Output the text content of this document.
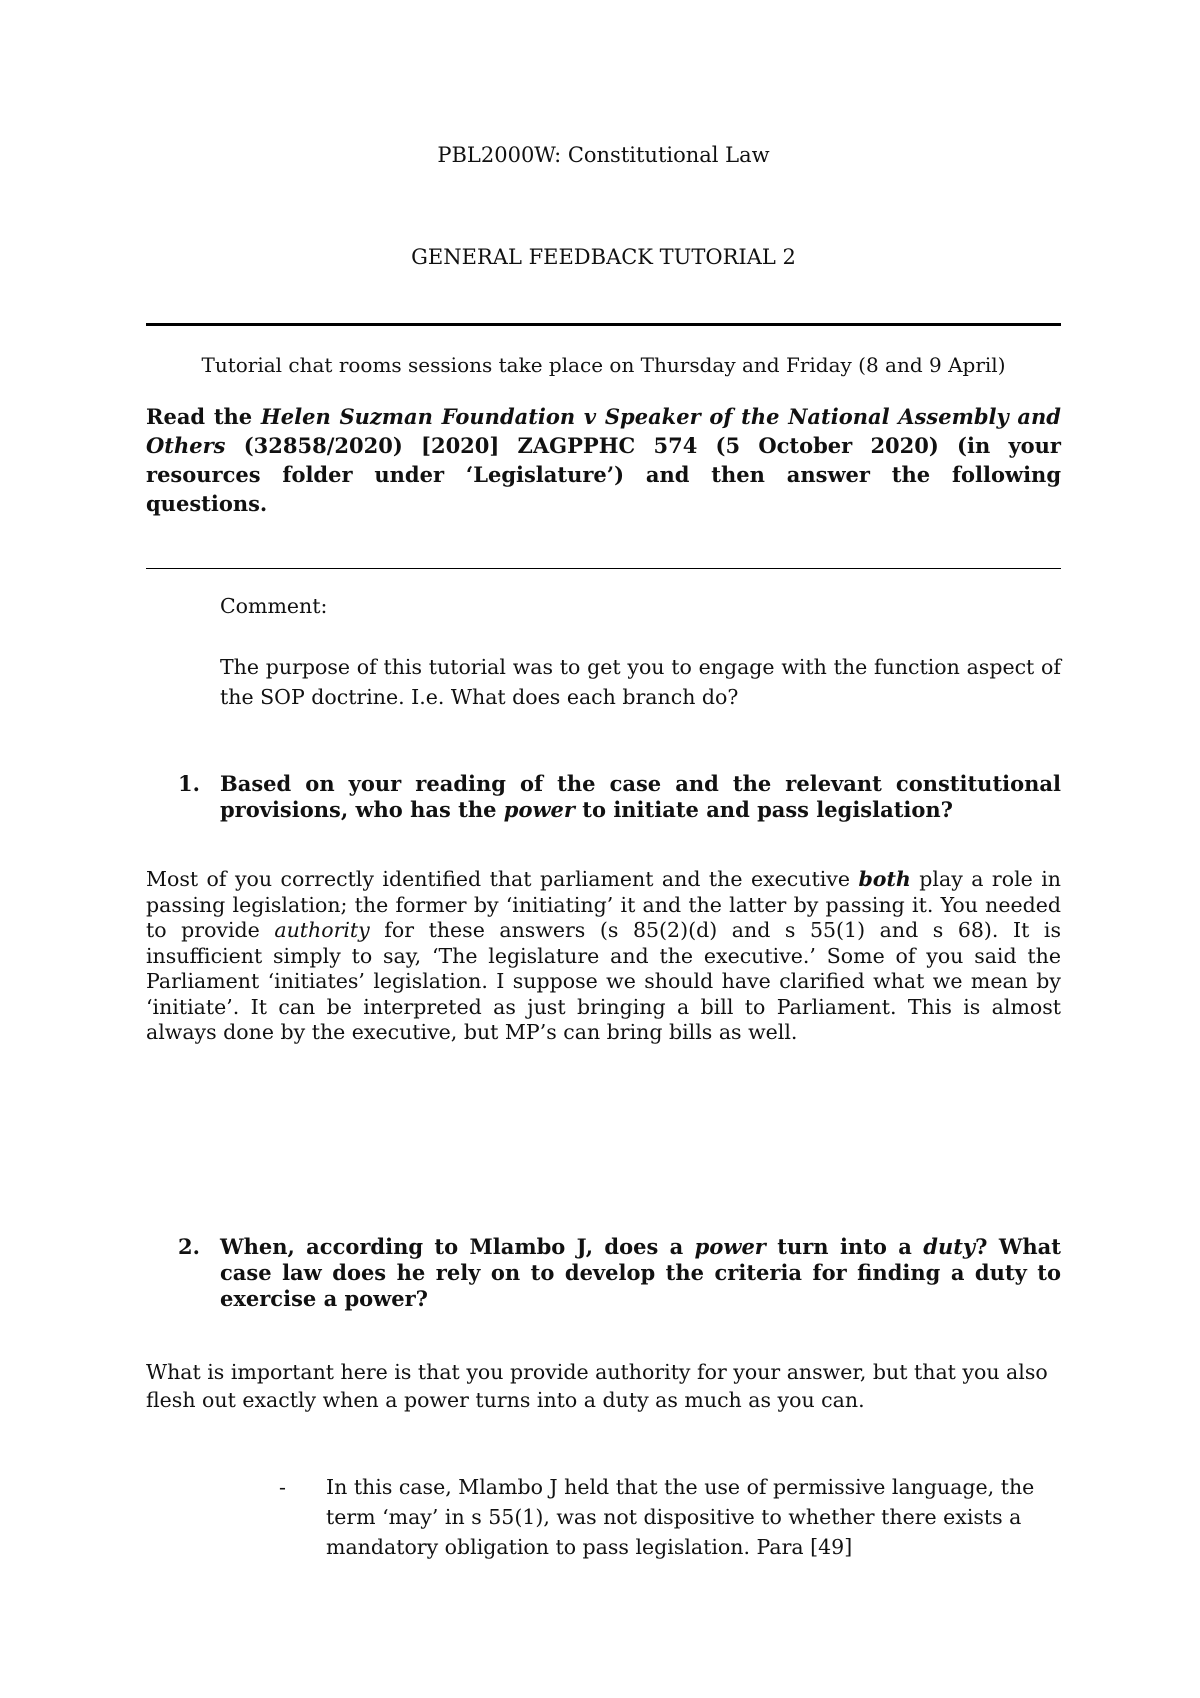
PBL2000W: Constitutional Law
GENERAL FEEDBACK TUTORIAL 2
Tutorial chat rooms sessions take place on Thursday and Friday (8 and 9 April)
Read the Helen Suzman Foundation v Speaker of the National Assembly and Others (32858/2020) [2020] ZAGPPHC 574 (5 October 2020) (in your resources folder under ‘Legislature’) and then answer the following questions.
Comment:
The purpose of this tutorial was to get you to engage with the function aspect of the SOP doctrine. I.e. What does each branch do?
1. Based on your reading of the case and the relevant constitutional provisions, who has the power to initiate and pass legislation?
Most of you correctly identified that parliament and the executive both play a role in passing legislation; the former by ‘initiating’ it and the latter by passing it. You needed to provide authority for these answers (s 85(2)(d) and s 55(1) and s 68). It is insufficient simply to say, ‘The legislature and the executive.’ Some of you said the Parliament ‘initiates’ legislation. I suppose we should have clarified what we mean by ‘initiate’. It can be interpreted as just bringing a bill to Parliament. This is almost always done by the executive, but MP’s can bring bills as well.
2. When, according to Mlambo J, does a power turn into a duty? What case law does he rely on to develop the criteria for finding a duty to exercise a power?
What is important here is that you provide authority for your answer, but that you also flesh out exactly when a power turns into a duty as much as you can.
- In this case, Mlambo J held that the use of permissive language, the term ‘may’ in s 55(1), was not dispositive to whether there exists a mandatory obligation to pass legislation. Para [49]
